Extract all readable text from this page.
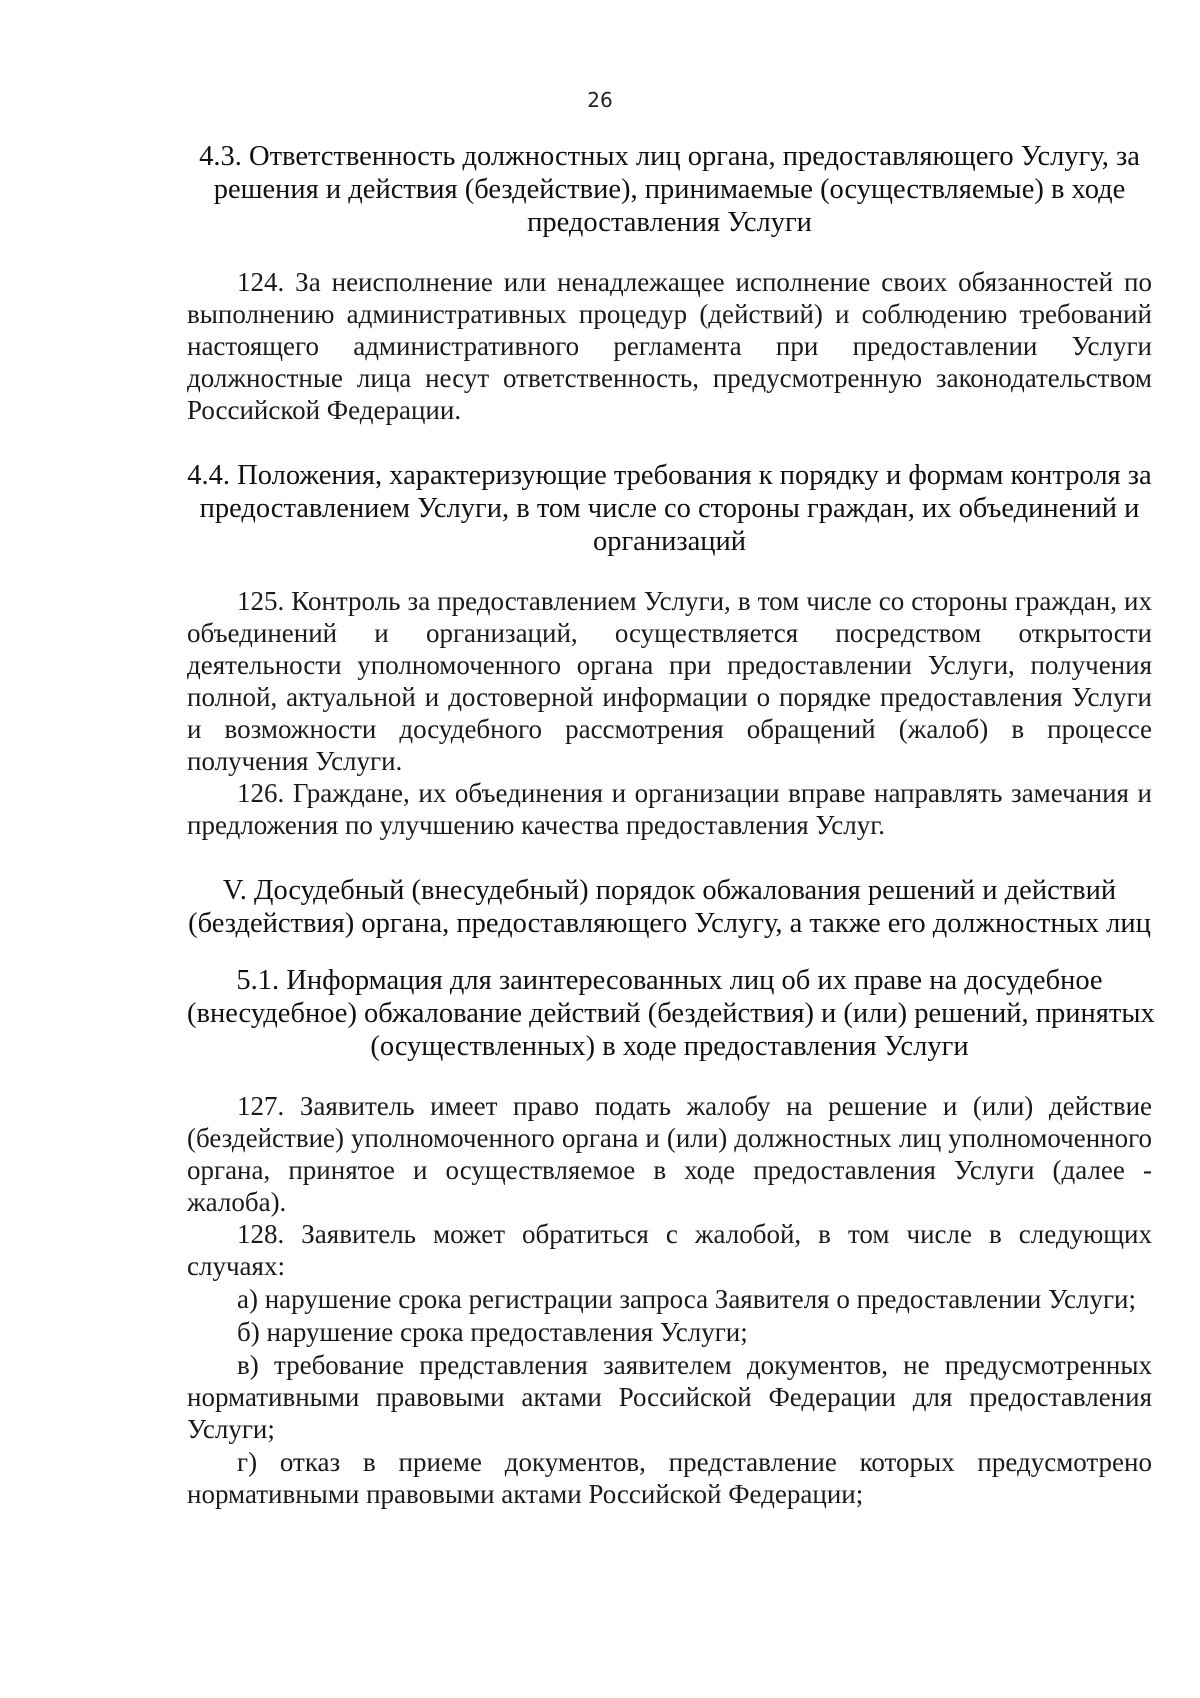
26
4.3. Ответственность должностных лиц органа, предоставляющего Услугу, за
решения и действия (бездействие), принимаемые (осуществляемые) в ходе
предоставления Услуги

124. За неисполнение или ненадлежащее исполнение своих обязанностей по выполнению административных процедур (действий) и соблюдению требований настоящего административного регламента при предоставлении Услуги должностные лица несут ответственность, предусмотренную законодательством Российской Федерации.

4.4. Положения, характеризующие требования к порядку и формам контроля за
предоставлением Услуги, в том числе со стороны граждан, их объединений и
организаций

125. Контроль за предоставлением Услуги, в том числе со стороны граждан, их объединений и организаций, осуществляется посредством открытости деятельности уполномоченного органа при предоставлении Услуги, получения полной, актуальной и достоверной информации о порядке предоставления Услуги и возможности досудебного рассмотрения обращений (жалоб) в процессе получения Услуги.

126. Граждане, их объединения и организации вправе направлять замечания и предложения по улучшению качества предоставления Услуг.

V. Досудебный (внесудебный) порядок обжалования решений и действий
(бездействия) органа, предоставляющего Услугу, а также его должностных лиц
5.1. Информация для заинтересованных лиц об их праве на досудебное
(внесудебное) обжалование действий (бездействия) и (или) решений, принятых
(осуществленных) в ходе предоставления Услуги

127. Заявитель имеет право подать жалобу на решение и (или) действие (бездействие) уполномоченного органа и (или) должностных лиц уполномоченного органа, принятое и осуществляемое в ходе предоставления Услуги (далее - жалоба).

128. Заявитель может обратиться с жалобой, в том числе в следующих случаях:

а) нарушение срока регистрации запроса Заявителя о предоставлении Услуги;

б) нарушение срока предоставления Услуги;

в) требование представления заявителем документов, не предусмотренных нормативными правовыми актами Российской Федерации для предоставления Услуги;

г) отказ в приеме документов, представление которых предусмотрено нормативными правовыми актами Российской Федерации;
